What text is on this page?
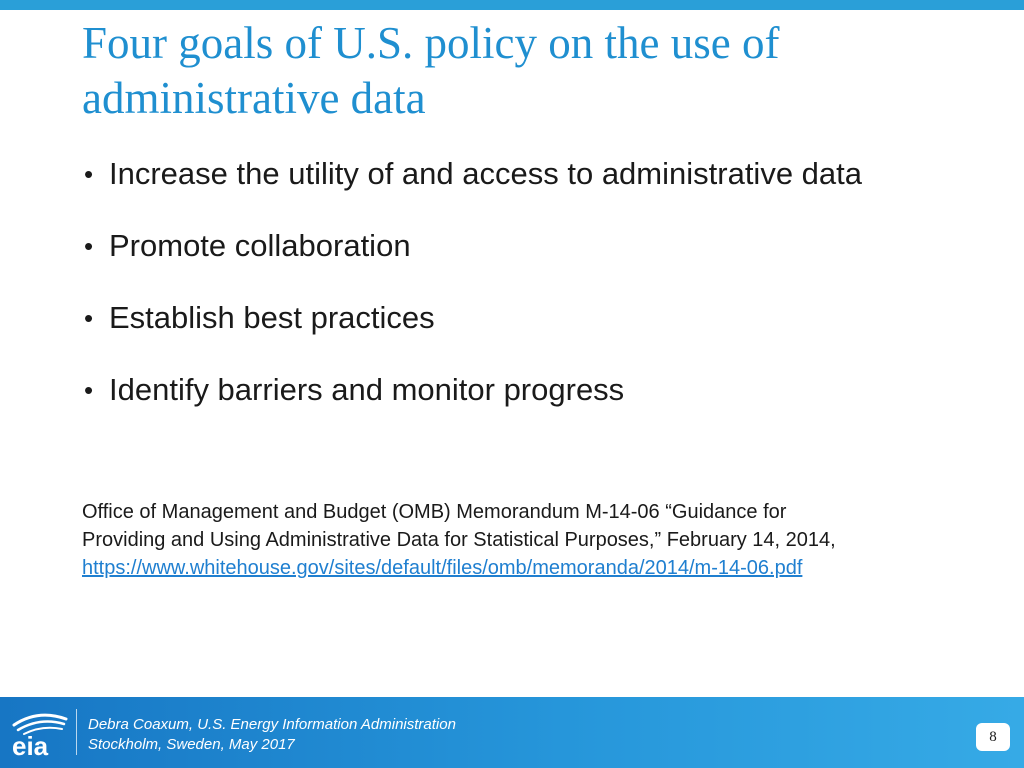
Four goals of U.S. policy on the use of administrative data
• Increase the utility of and access to administrative data
• Promote collaboration
• Establish best practices
• Identify barriers and monitor progress
Office of Management and Budget (OMB) Memorandum M-14-06 “Guidance for
Providing and Using Administrative Data for Statistical Purposes,” February 14, 2014,
https://www.whitehouse.gov/sites/default/files/omb/memoranda/2014/m-14-06.pdf
eia
Debra Coaxum, U.S. Energy Information Administration
Stockholm, Sweden, May 2017	8
